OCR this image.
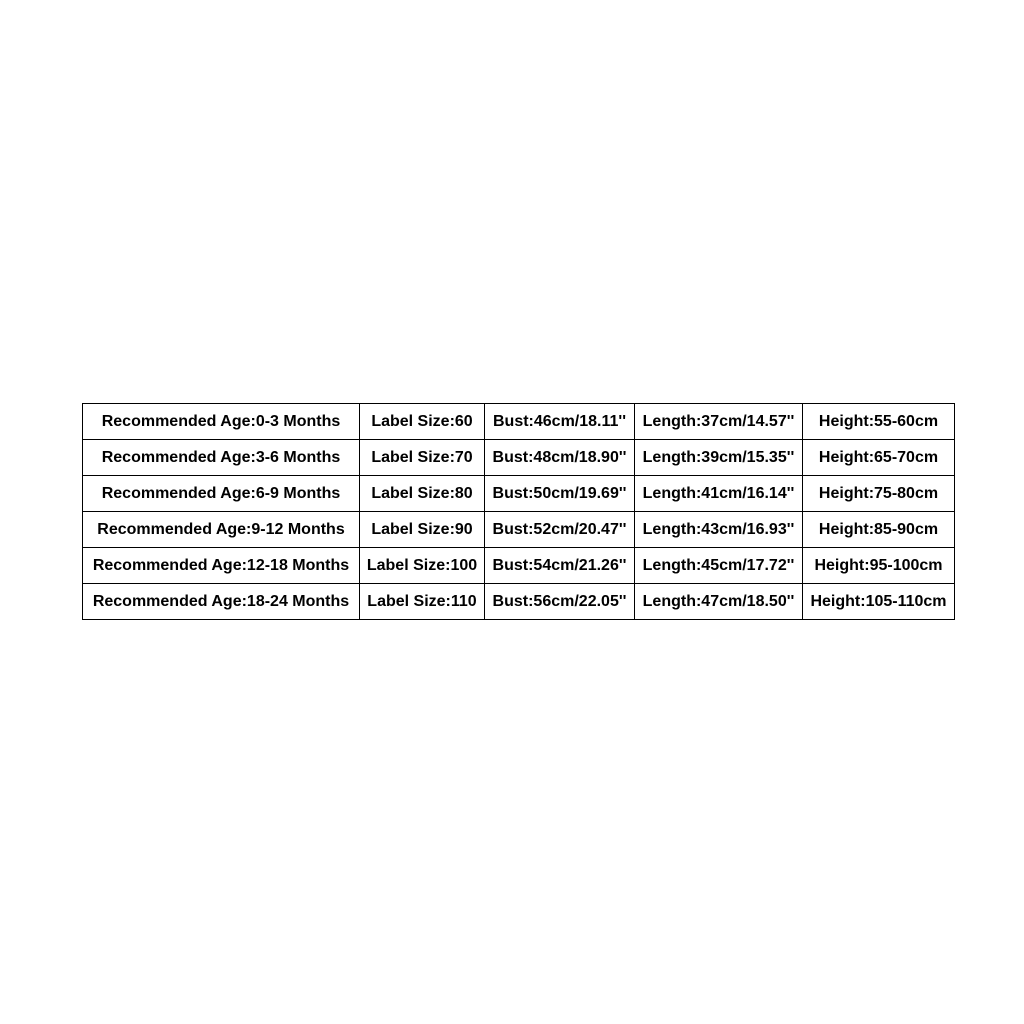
Recommended Age:0-3 Months	Label Size:60	Bust:46cm/18.11''	Length:37cm/14.57''	Height:55-60cm
Recommended Age:3-6 Months	Label Size:70	Bust:48cm/18.90''	Length:39cm/15.35''	Height:65-70cm
Recommended Age:6-9 Months	Label Size:80	Bust:50cm/19.69''	Length:41cm/16.14''	Height:75-80cm
Recommended Age:9-12 Months	Label Size:90	Bust:52cm/20.47''	Length:43cm/16.93''	Height:85-90cm
Recommended Age:12-18 Months	Label Size:100	Bust:54cm/21.26''	Length:45cm/17.72''	Height:95-100cm
Recommended Age:18-24 Months	Label Size:110	Bust:56cm/22.05''	Length:47cm/18.50''	Height:105-110cm
